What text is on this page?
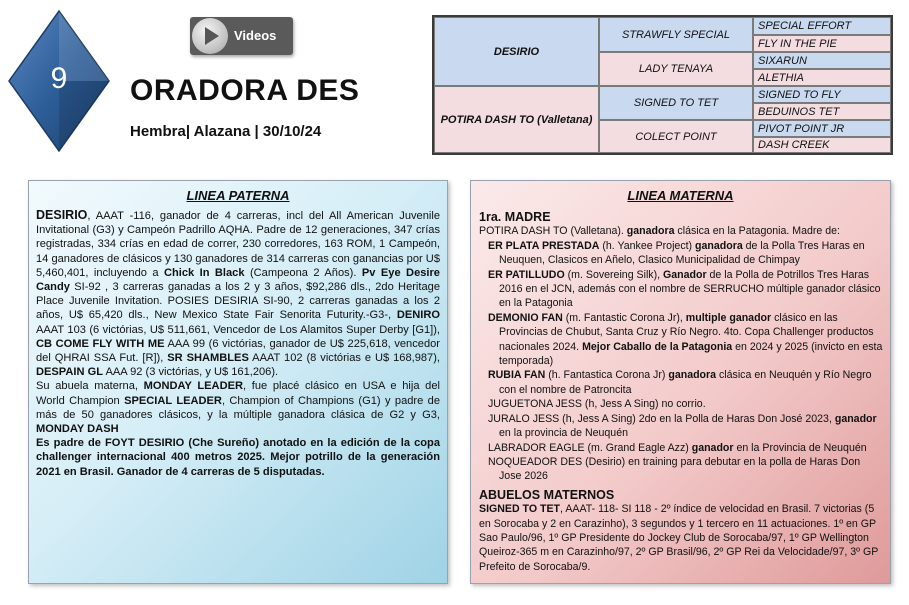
9
Videos
ORADORA DES
Hembra| Alazana | 30/10/24
DESIRIO
POTIRA DASH TO (Valletana)
STRAWFLY SPECIAL
LADY TENAYA
SIGNED TO TET
COLECT POINT
SPECIAL EFFORT
FLY IN THE PIE
SIXARUN
ALETHIA
SIGNED TO FLY
BEDUINOS TET
PIVOT POINT JR
DASH CREEK
LINEA PATERNA

DESIRIO, AAAT -116, ganador de 4 carreras, incl del All American Juvenile Invitational (G3) y Campeón Padrillo AQHA. Padre de 12 generaciones, 347 crías registradas, 334 crías en edad de correr, 230 corredores, 163 ROM, 1 Campeón, 14 ganadores de clásicos y 130 ganadores de 314 carreras con ganancias por U$ 5,460,401, incluyendo a Chick In Black (Campeona 2 Años). Pv Eye Desire Candy SI-92 , 3 carreras ganadas a los 2 y 3 años, $92,286 dls., 2do Heritage Place Juvenile Invitation. POSIES DESIRIA SI-90, 2 carreras ganadas a los 2 años, U$ 65,420 dls., New Mexico State Fair Senorita Futurity.-G3-, DENIRO AAAT 103 (6 victórias, U$ 511,661, Vencedor de Los Alamitos Super Derby [G1]), CB COME FLY WITH ME AAA 99 (6 victórias, ganador de U$ 225,618, vencedor del QHRAI SSA Fut. [R]), SR SHAMBLES AAAT 102 (8 victórias e U$ 168,987), DESPAIN GL AAA 92 (3 victórias, y U$ 161,206).

Su abuela materna, MONDAY LEADER, fue placé clásico en USA e hija del World Champion SPECIAL LEADER, Champion of Champions (G1) y padre de más de 50 ganadores clásicos, y la múltiple ganadora clásica de G2 y G3, MONDAY DASH

Es padre de FOYT DESIRIO (Che Sureño) anotado en la edición de la copa challenger internacional 400 metros 2025. Mejor potrillo de la generación 2021 en Brasil. Ganador de 4 carreras de 5 disputadas.

LINEA MATERNA

1ra. MADRE

POTIRA DASH TO (Valletana). ganadora clásica en la Patagonia. Madre de:

ER PLATA PRESTADA (h. Yankee Project) ganadora de la Polla Tres Haras en Neuquen, Clasicos en Añelo, Clasico Municipalidad de Chimpay

ER PATILLUDO (m. Sovereing Silk), Ganador de la Polla de Potrillos Tres Haras 2016 en el JCN, además con el nombre de SERRUCHO múltiple ganador clásico en la Patagonia

DEMONIO FAN (m. Fantastic Corona Jr), multiple ganador clásico en las Provincias de Chubut, Santa Cruz y Río Negro. 4to. Copa Challenger productos nacionales 2024. Mejor Caballo de la Patagonia en 2024 y 2025 (invicto en esta temporada)

RUBIA FAN (h. Fantastica Corona Jr) ganadora clásica en Neuquén y Río Negro con el nombre de Patroncita

JUGUETONA JESS (h, Jess A Sing) no corrio.

JURALO JESS (h, Jess A Sing) 2do en la Polla de Haras Don José 2023, ganador en la provincia de Neuquén

LABRADOR EAGLE (m. Grand Eagle Azz) ganador en la Provincia de Neuquén

NOQUEADOR DES (Desirio) en training para debutar en la polla de Haras Don Jose 2026

ABUELOS MATERNOS

SIGNED TO TET, AAAT- 118- SI 118 - 2º índice de velocidad en Brasil. 7 victorias (5 en Sorocaba y 2 en Carazinho), 3 segundos y 1 tercero en 11 actuaciones. 1º en GP Sao Paulo/96, 1º GP Presidente do Jockey Club de Sorocaba/97, 1º GP Wellington Queiroz-365 m en Carazinho/97, 2º GP Brasil/96, 2º GP Rei da Velocidade/97, 3º GP Prefeito de Sorocaba/9.
